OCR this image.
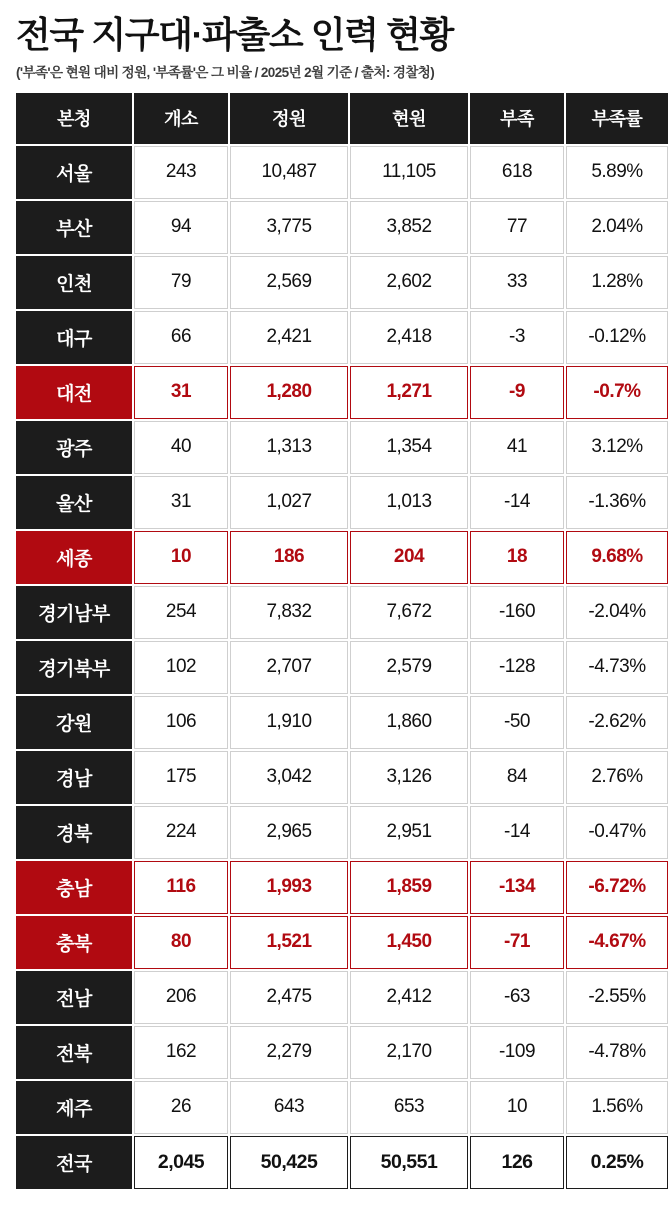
전국 지구대·파출소 인력 현황
('부족'은 현원 대비 정원, '부족률'은 그 비율 / 2025년 2월 기준 / 출처: 경찰청)
본청	개소	정원	현원	부족	부족률
서울	243	10,487	11,105	618	5.89%
부산	94	3,775	3,852	77	2.04%
인천	79	2,569	2,602	33	1.28%
대구	66	2,421	2,418	-3	-0.12%
대전	31	1,280	1,271	-9	-0.7%
광주	40	1,313	1,354	41	3.12%
울산	31	1,027	1,013	-14	-1.36%
세종	10	186	204	18	9.68%
경기남부	254	7,832	7,672	-160	-2.04%
경기북부	102	2,707	2,579	-128	-4.73%
강원	106	1,910	1,860	-50	-2.62%
경남	175	3,042	3,126	84	2.76%
경북	224	2,965	2,951	-14	-0.47%
충남	116	1,993	1,859	-134	-6.72%
충북	80	1,521	1,450	-71	-4.67%
전남	206	2,475	2,412	-63	-2.55%
전북	162	2,279	2,170	-109	-4.78%
제주	26	643	653	10	1.56%
전국	2,045	50,425	50,551	126	0.25%
